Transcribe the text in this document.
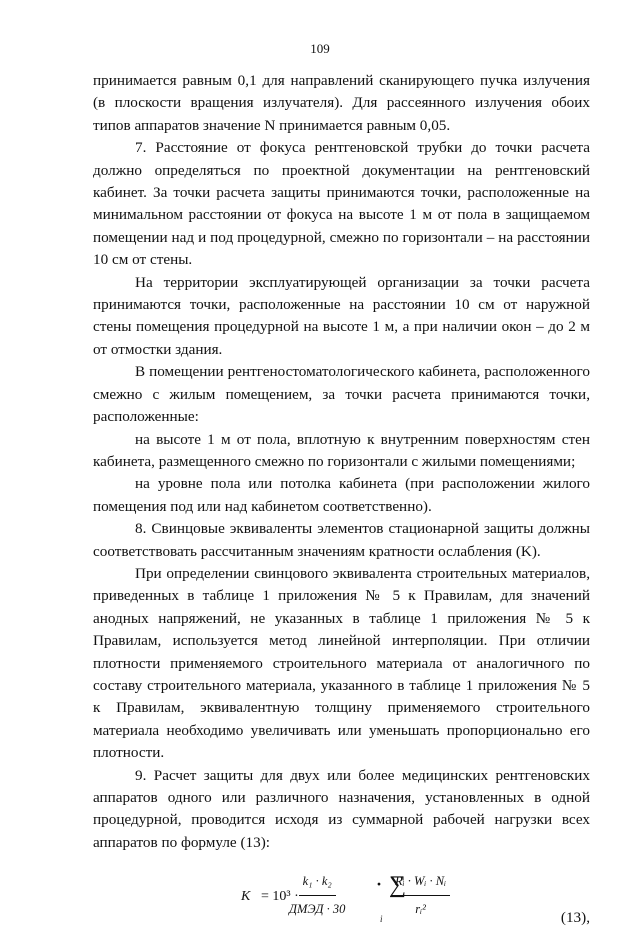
109

принимается равным 0,1 для направлений сканирующего пучка излучения (в плоскости вращения излучателя). Для рассеянного излучения обоих типов аппаратов значение N принимается равным 0,05.

7. Расстояние от фокуса рентгеновской трубки до точки расчета должно определяться по проектной документации на рентгеновский кабинет. За точки расчета защиты принимаются точки, расположенные на минимальном расстоянии от фокуса на высоте 1 м от пола в защищаемом помещении над и под процедурной, смежно по горизонтали – на расстоянии 10 см от стены.

На территории эксплуатирующей организации за точки расчета принимаются точки, расположенные на расстоянии 10 см от наружной стены помещения процедурной на высоте 1 м, а при наличии окон – до 2 м от отмостки здания.

В помещении рентгеностоматологического кабинета, расположенного смежно с жилым помещением, за точки расчета принимаются точки, расположенные:

на высоте 1 м от пола, вплотную к внутренним поверхностям стен кабинета, размещенного смежно по горизонтали с жилыми помещениями;

на уровне пола или потолка кабинета (при расположении жилого помещения под или над кабинетом соответственно).

8. Свинцовые эквиваленты элементов стационарной защиты должны соответствовать рассчитанным значениям кратности ослабления (K).

При определении свинцового эквивалента строительных материалов, приведенных в таблице 1 приложения № 5 к Правилам, для значений анодных напряжений, не указанных в таблице 1 приложения № 5 к Правилам, используется метод линейной интерполяции. При отличии плотности применяемого строительного материала от аналогичного по составу строительного материала, указанного в таблице 1 приложения № 5 к Правилам, эквивалентную толщину применяемого строительного материала необходимо увеличивать или уменьшать пропорционально его плотности.

9. Расчет защиты для двух или более медицинских рентгеновских аппаратов одного или различного назначения, установленных в одной процедурной, проводится исходя из суммарной рабочей нагрузки всех аппаратов по формуле (13):

K = 10³ ·
k₁ · k₂
ДМЭД · 30
· ∑
i $\frac{\text{Rᵢ · Wᵢ · Nᵢ}}{\text{rᵢ²}}$	(13),
